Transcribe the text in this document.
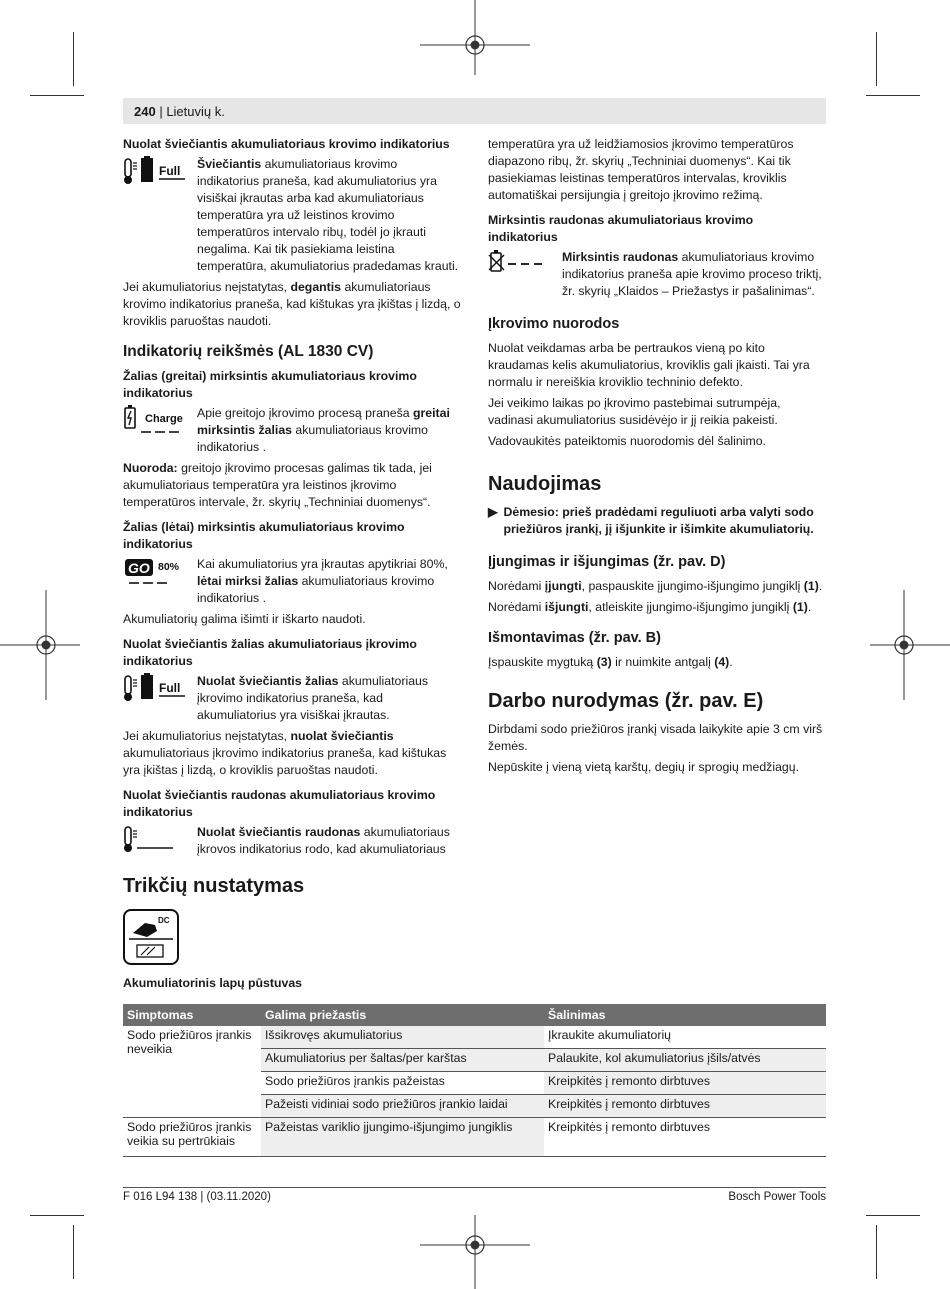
240 | Lietuvių k.
Nuolat šviečiantis akumuliatoriaus krovimo indikatorius
Full Šviečiantis akumuliatoriaus krovimo indikatorius praneša, kad akumuliatorius yra visiškai įkrautas arba kad akumuliatoriaus temperatūra yra už leistinos krovimo temperatūros intervalo ribų, todėl jo įkrauti negalima. Kai tik pasiekiama leistina temperatūra, akumuliatorius pradedamas krauti.

Jei akumuliatorius neįstatytas, degantis akumuliatoriaus krovimo indikatorius praneša, kad kištukas yra įkištas į lizdą, o kroviklis paruoštas naudoti.

Indikatorių reikšmės (AL 1830 CV)
Žalias (greitai) mirksintis akumuliatoriaus krovimo indikatorius
Charge Apie greitojo įkrovimo procesą praneša greitai mirksintis žalias akumuliatoriaus krovimo indikatorius .

Nuoroda: greitojo įkrovimo procesas galimas tik tada, jei akumuliatoriaus temperatūra yra leistinos įkrovimo temperatūros intervale, žr. skyrių „Techniniai duomenys“.

Žalias (lėtai) mirksintis akumuliatoriaus krovimo indikatorius
GO 80% Kai akumuliatorius yra įkrautas apytikriai 80%, lėtai mirksi žalias akumuliatoriaus krovimo indikatorius .

Akumuliatorių galima išimti ir iškarto naudoti.

Nuolat šviečiantis žalias akumuliatoriaus įkrovimo indikatorius
Full Nuolat šviečiantis žalias akumuliatoriaus įkrovimo indikatorius praneša, kad akumuliatorius yra visiškai įkrautas.

Jei akumuliatorius neįstatytas, nuolat šviečiantis akumuliatoriaus įkrovimo indikatorius praneša, kad kištukas yra įkištas į lizdą, o kroviklis paruoštas naudoti.

Nuolat šviečiantis raudonas akumuliatoriaus krovimo indikatorius

Nuolat šviečiantis raudonas akumuliatoriaus įkrovos indikatorius rodo, kad akumuliatoriaus

temperatūra yra už leidžiamosios įkrovimo temperatūros diapazono ribų, žr. skyrių „Techniniai duomenys“. Kai tik pasiekiamas leistinas temperatūros intervalas, kroviklis automatiškai persijungia į greitojo įkrovimo režimą.

Mirksintis raudonas akumuliatoriaus krovimo indikatorius

Mirksintis raudonas akumuliatoriaus krovimo indikatorius praneša apie krovimo proceso triktį, žr. skyrių „Klaidos – Priežastys ir pašalinimas“.

Įkrovimo nuorodos

Nuolat veikdamas arba be pertraukos vieną po kito kraudamas kelis akumuliatorius, kroviklis gali įkaisti. Tai yra normalu ir nereiškia kroviklio techninio defekto.

Jei veikimo laikas po įkrovimo pastebimai sutrumpėja, vadinasi akumuliatorius susidėvėjo ir jį reikia pakeisti.

Vadovaukitės pateiktomis nuorodomis dėl šalinimo.

Naudojimas
▶ Dėmesio: prieš pradėdami reguliuoti arba valyti sodo priežiūros įrankį, jį išjunkite ir išimkite akumuliatorių.
Įjungimas ir išjungimas (žr. pav. D)

Norėdami įjungti, paspauskite įjungimo-išjungimo jungiklį (1).

Norėdami išjungti, atleiskite įjungimo-išjungimo jungiklį (1).

Išmontavimas (žr. pav. B)

Įspauskite mygtuką (3) ir nuimkite antgalį (4).

Darbo nurodymas (žr. pav. E)

Dirbdami sodo priežiūros įrankį visada laikykite apie 3 cm virš žemės.

Nepūskite į vieną vietą karštų, degių ir sprogių medžiagų.

Trikčių nustatymas
DC
Akumuliatorinis lapų pūstuvas
Simptomas	Galima priežastis	Šalinimas
Sodo priežiūros įrankis neveikia	Išsikrovęs akumuliatorius	Įkraukite akumuliatorių
	Akumuliatorius per šaltas/per karštas	Palaukite, kol akumuliatorius įšils/atvės
	Sodo priežiūros įrankis pažeistas	Kreipkitės į remonto dirbtuves
	Pažeisti vidiniai sodo priežiūros įrankio laidai	Kreipkitės į remonto dirbtuves
Sodo priežiūros įrankis veikia su pertrūkiais	Pažeistas variklio įjungimo-išjungimo jungiklis	Kreipkitės į remonto dirbtuves
F 016 L94 138 | (03.11.2020)	Bosch Power Tools
